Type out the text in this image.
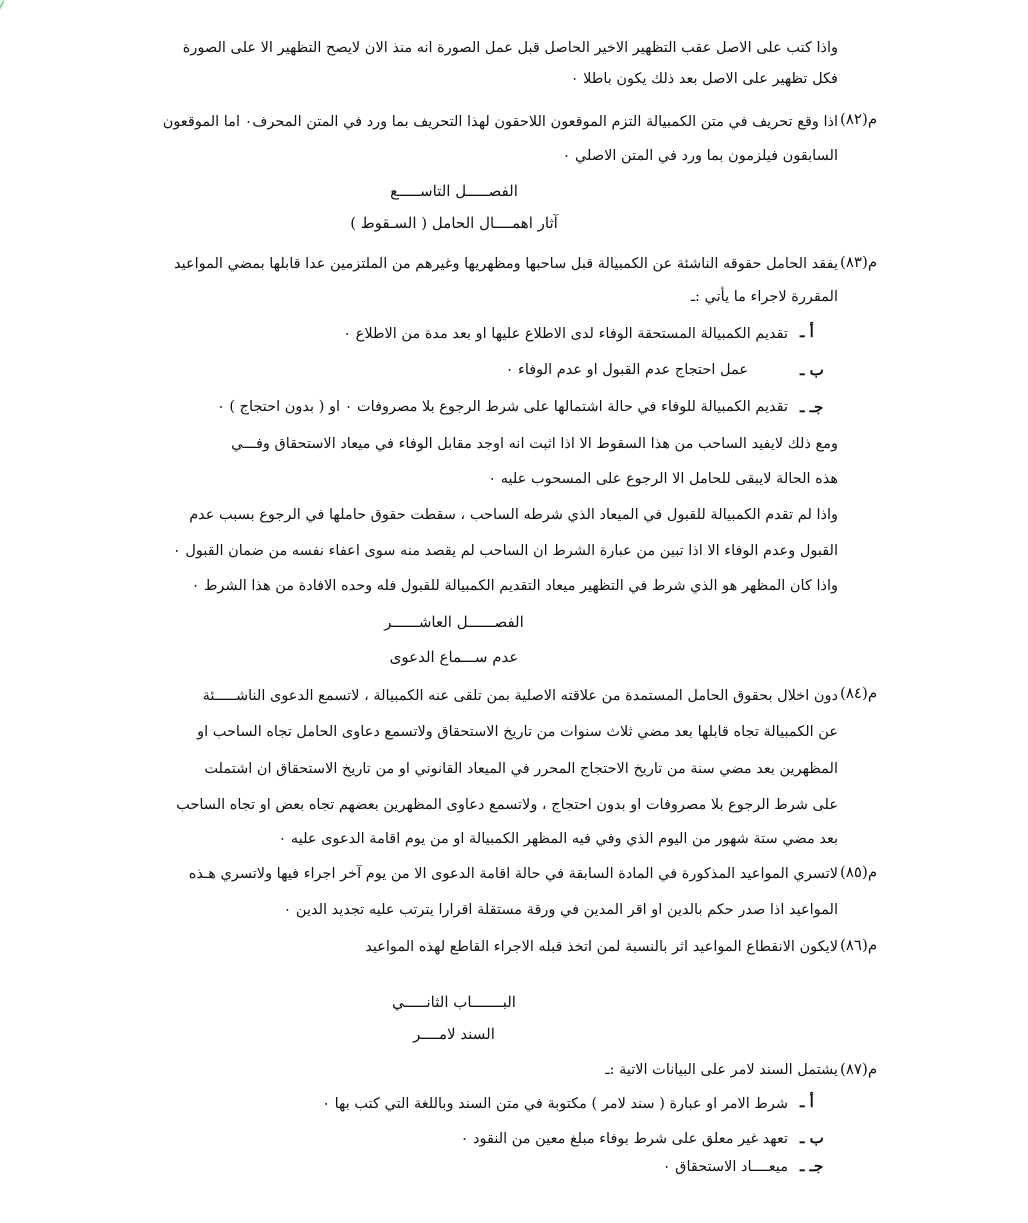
واذا كتب على الاصل عقب التظهير الاخير الحاصل قبل عمل الصورة انه منذ الان لايصح التظهير الا على الصورة
فكل تظهير على الاصل بعد ذلك يكون باطلا ٠
م(٨٢)
اذا وقع تحريف في متن الكمبيالة التزم الموقعون اللاحقون لهذا التحريف بما ورد في المتن المحرف٠ اما الموقعون
السابقون فيلزمون بما ورد في المتن الاصلي ٠
الفصـــــل التاســـــع
آثار اهمــــال الحامل ( السـقوط )
م(٨٣)
يفقد الحامل حقوقه الناشئة عن الكمبيالة قبل ساحبها ومظهريها وغيرهم من الملتزمين عدا قابلها بمضي المواعيد
المقررة لاجراء ما يأتي :ـ
أ ـ
تقديم الكمبيالة المستحقة الوفاء لدى الاطلاع عليها او بعد مدة من الاطلاع ٠
ب ـ
عمل احتجاج عدم القبول او عدم الوفاء ٠
جـ ـ
تقديم الكمبيالة للوفاء في حالة اشتمالها على شرط الرجوع بلا مصروفات ٠ او ( بدون احتجاج ) ٠
ومع ذلك لايفيد الساحب من هذا السقوط الا اذا اثبت انه اوجد مقابل الوفاء في ميعاد الاستحقاق وفـــي
هذه الحالة لايبقى للحامل الا الرجوع على المسحوب عليه ٠
واذا لم تقدم الكمبيالة للقبول في الميعاد الذي شرطه الساحب ، سقطت حقوق حاملها في الرجوع بسبب عدم
القبول وعدم الوفاء الا اذا تبين من عبارة الشرط ان الساحب لم يقصد منه سوى اعفاء نفسه من ضمان القبول ٠
واذا كان المظهر هو الذي شرط في التظهير ميعاد التقديم الكمبيالة للقبول فله وحده الافادة من هذا الشرط ٠
الفصــــــل العاشــــــر
عدم ســـماع الدعوى
م(٨٤)
دون اخلال بحقوق الحامل المستمدة من علاقته الاصلية بمن تلقى عنه الكمبيالة ، لاتسمع الدعوى الناشـــــئة
عن الكمبيالة تجاه قابلها بعد مضي ثلاث سنوات من تاريخ الاستحقاق ولاتسمع دعاوى الحامل تجاه الساحب او
المظهرين بعد مضي سنة من تاريخ الاحتجاج المحرر في الميعاد القانوني او من تاريخ الاستحقاق ان اشتملت
على شرط الرجوع بلا مصروفات او بدون احتجاج ، ولاتسمع دعاوى المظهرين بعضهم تجاه بعض او تجاه الساحب
بعد مضي ستة شهور من اليوم الذي وفي فيه المظهر الكمبيالة او من يوم اقامة الدعوى عليه ٠
م(٨٥)
لاتسري المواعيد المذكورة في المادة السابقة في حالة اقامة الدعوى الا من يوم آخر اجراء فيها ولاتسري هـذه
المواعيد اذا صدر حكم بالدين او اقر المدين في ورقة مستقلة اقرارا يترتب عليه تجديد الدين ٠
م(٨٦)
لايكون الانقطاع المواعيد اثر بالنسبة لمن اتخذ قبله الاجراء القاطع لهذه المواعيد
البـــــــاب الثانـــــي
السند لامــــر
م(٨٧)
يشتمل السند لامر على البيانات الاتية :ـ
أ ـ
شرط الامر او عبارة ( سند لامر ) مكتوبة في متن السند وباللغة التي كتب بها ٠
ب ـ
تعهد غير معلق على شرط بوفاء مبلغ معين من النقود ٠
جـ ـ
ميعــــاد الاستحقاق ٠
